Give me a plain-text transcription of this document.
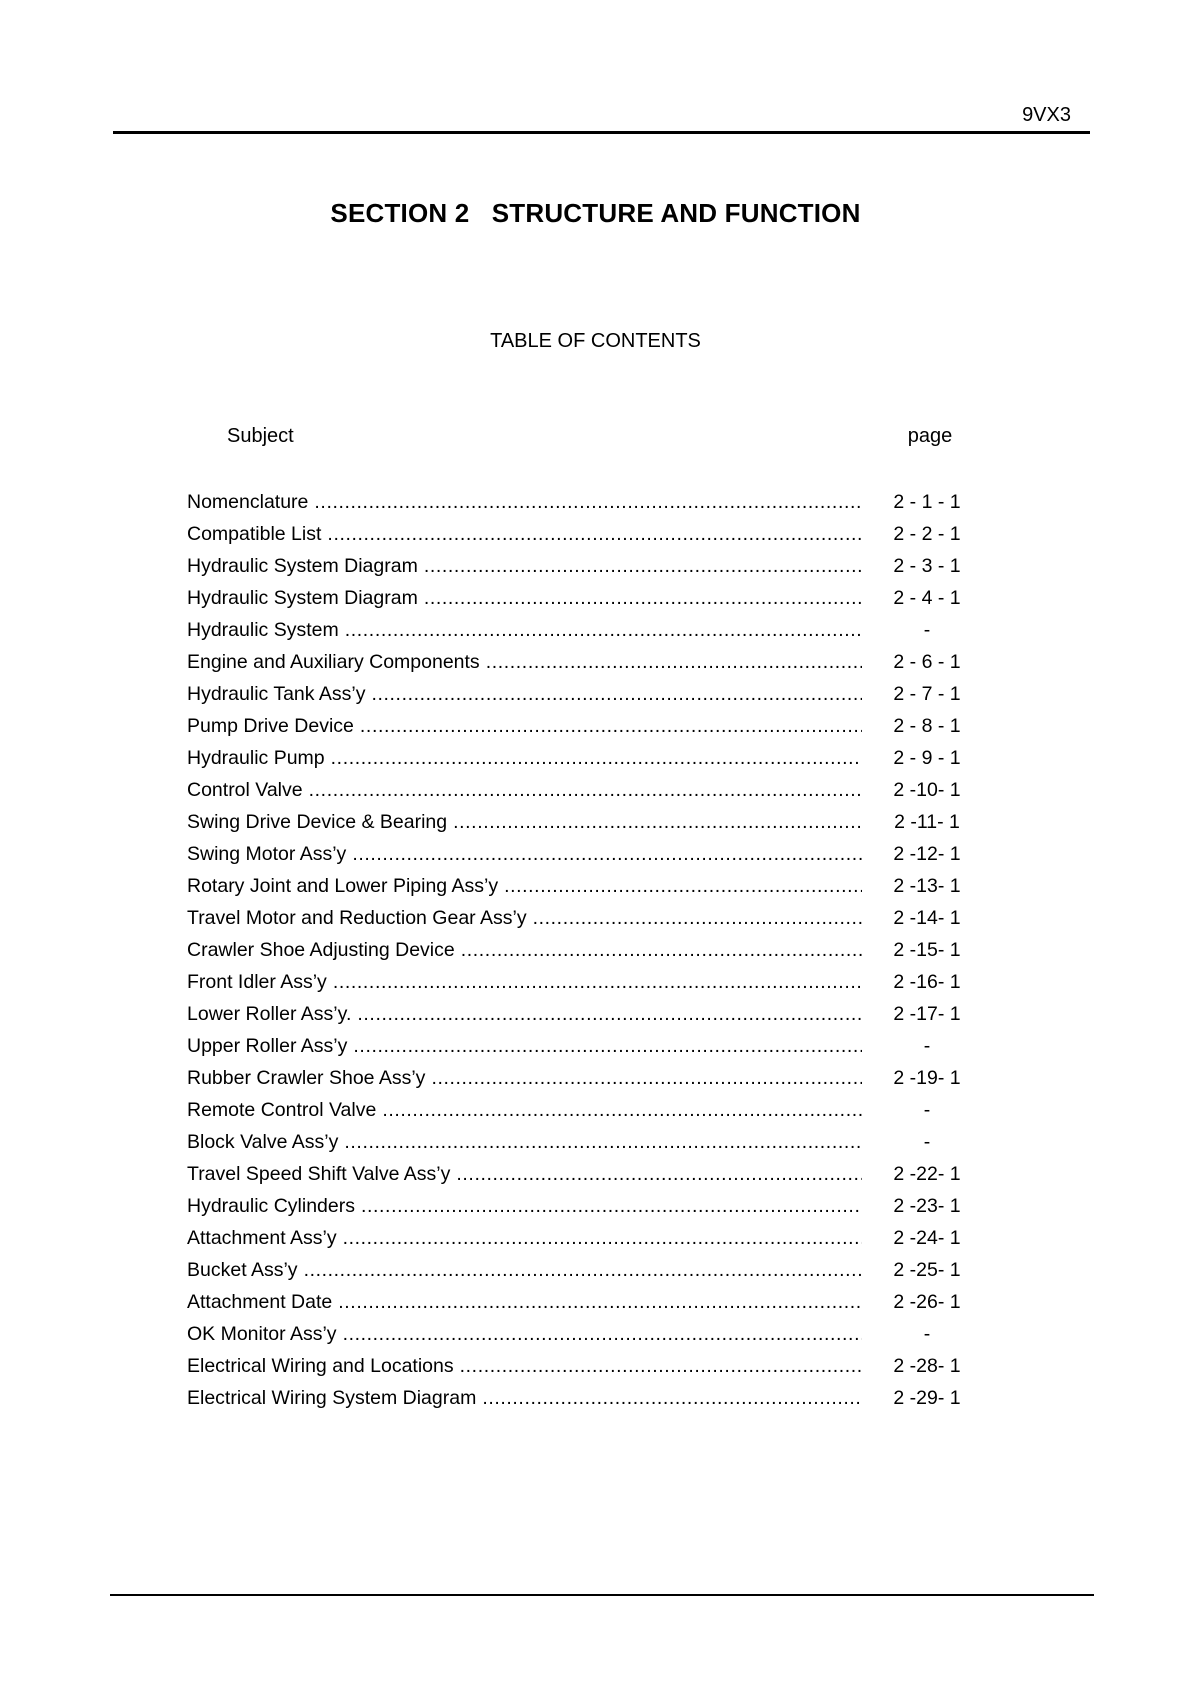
9VX3
SECTION 2   STRUCTURE AND FUNCTION
TABLE OF CONTENTS
Subject	page
Nomenclature .....	2 - 1 - 1
Compatible List .....	2 - 2 - 1
Hydraulic System Diagram .....	2 - 3 - 1
Hydraulic System Diagram .....	2 - 4 - 1
Hydraulic System .....	-
Engine and Auxiliary Components .....	2 - 6 - 1
Hydraulic Tank Ass’y .....	2 - 7 - 1
Pump Drive Device .....	2 - 8 - 1
Hydraulic Pump .....	2 - 9 - 1
Control Valve .....	2 -10- 1
Swing Drive Device & Bearing .....	2 -11- 1
Swing Motor Ass’y .....	2 -12- 1
Rotary Joint and Lower Piping Ass’y .....	2 -13- 1
Travel Motor and Reduction Gear Ass’y .....	2 -14- 1
Crawler Shoe Adjusting Device .....	2 -15- 1
Front Idler Ass’y .....	2 -16- 1
Lower Roller Ass’y. .....	2 -17- 1
Upper Roller Ass’y .....	-
Rubber Crawler Shoe Ass’y .....	2 -19- 1
Remote Control Valve .....	-
Block Valve Ass’y .....	-
Travel Speed Shift Valve Ass’y .....	2 -22- 1
Hydraulic Cylinders .....	2 -23- 1
Attachment Ass’y .....	2 -24- 1
Bucket Ass’y .....	2 -25- 1
Attachment Date .....	2 -26- 1
OK Monitor Ass’y .....	-
Electrical Wiring and Locations .....	2 -28- 1
Electrical Wiring System Diagram .....	2 -29- 1
